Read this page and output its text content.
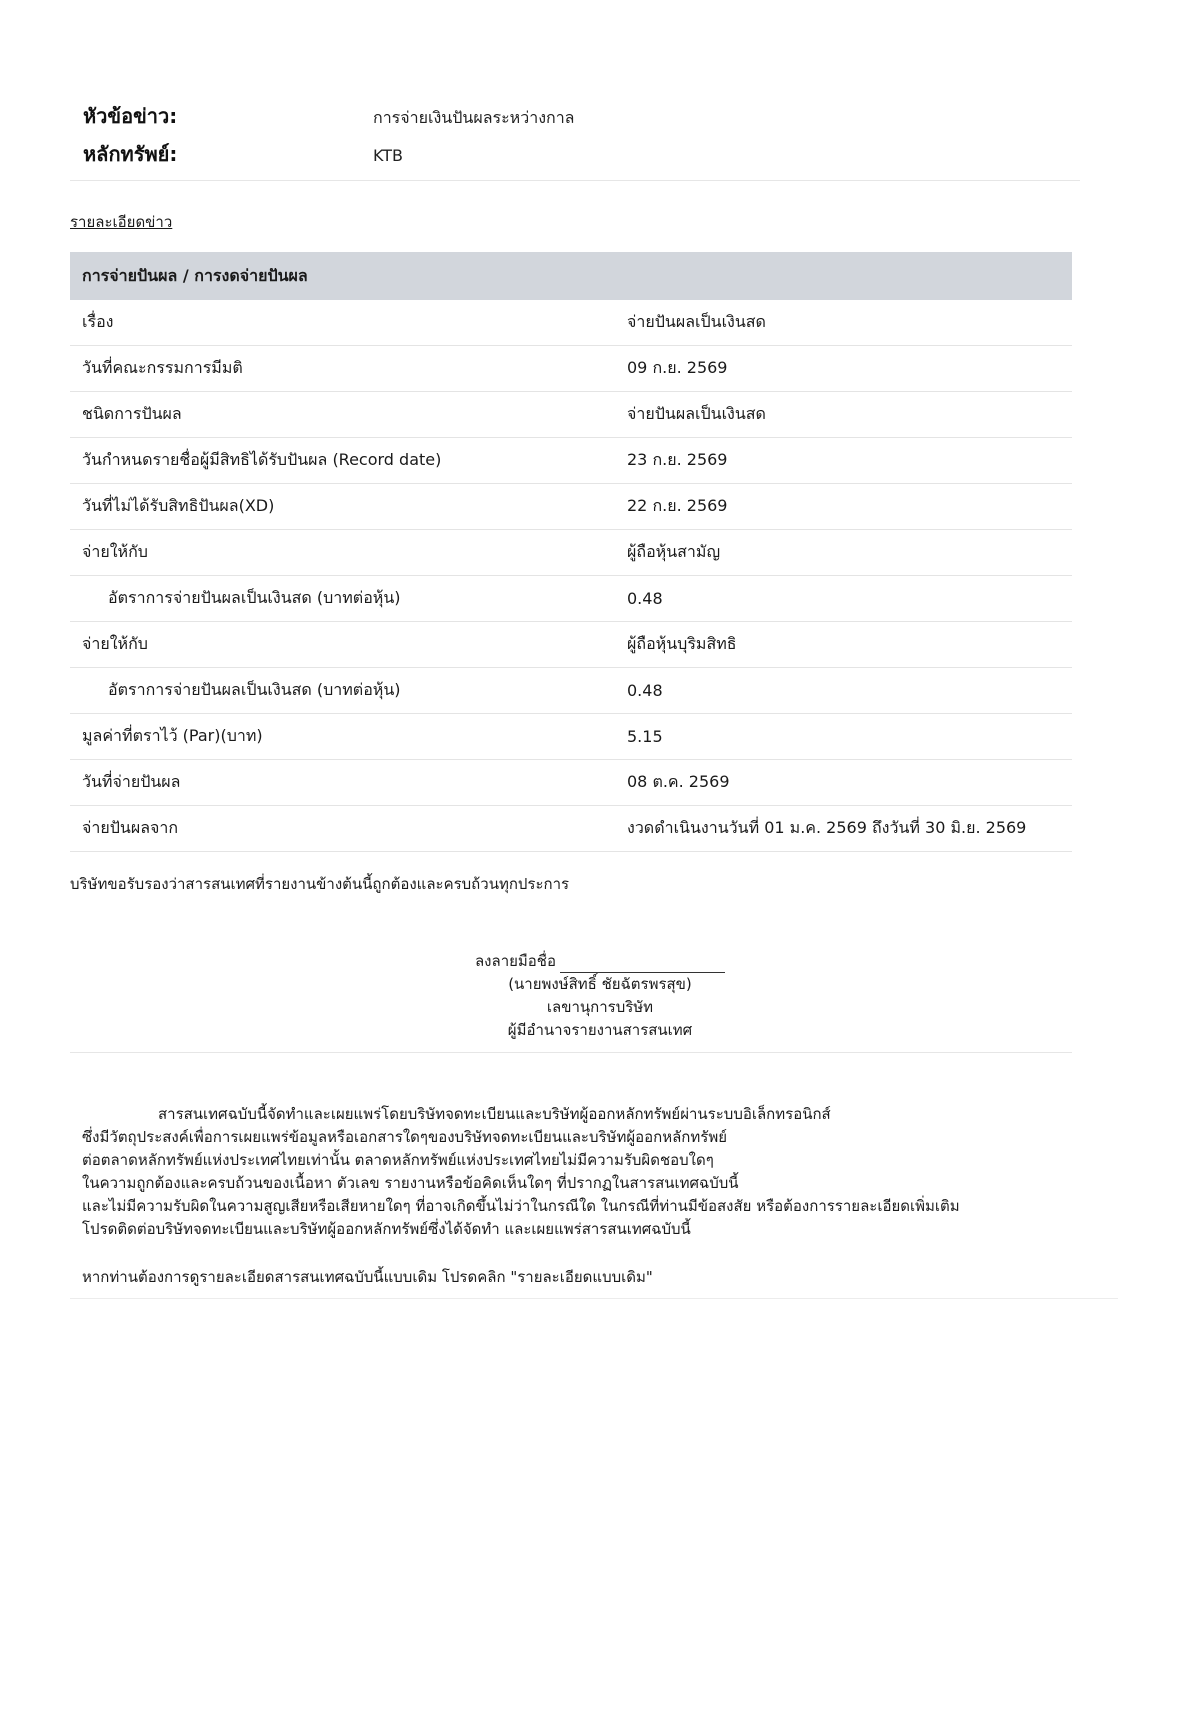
หัวข้อข่าว:	การจ่ายเงินปันผลระหว่างกาล
หลักทรัพย์:	KTB
รายละเอียดข่าว
การจ่ายปันผล / การงดจ่ายปันผล	
เรื่อง	จ่ายปันผลเป็นเงินสด
วันที่คณะกรรมการมีมติ	09 ก.ย. 2569
ชนิดการปันผล	จ่ายปันผลเป็นเงินสด
วันกำหนดรายชื่อผู้มีสิทธิได้รับปันผล (Record date)	23 ก.ย. 2569
วันที่ไม่ได้รับสิทธิปันผล(XD)	22 ก.ย. 2569
จ่ายให้กับ	ผู้ถือหุ้นสามัญ
อัตราการจ่ายปันผลเป็นเงินสด (บาทต่อหุ้น)	0.48
จ่ายให้กับ	ผู้ถือหุ้นบุริมสิทธิ
อัตราการจ่ายปันผลเป็นเงินสด (บาทต่อหุ้น)	0.48
มูลค่าที่ตราไว้ (Par)(บาท)	5.15
วันที่จ่ายปันผล	08 ต.ค. 2569
จ่ายปันผลจาก	งวดดำเนินงานวันที่ 01 ม.ค. 2569 ถึงวันที่ 30 มิ.ย. 2569
บริษัทขอรับรองว่าสารสนเทศที่รายงานข้างต้นนี้ถูกต้องและครบถ้วนทุกประการ
ลงลายมือชื่อ
(นายพงษ์สิทธิ์ ชัยฉัตรพรสุข)
เลขานุการบริษัท
ผู้มีอำนาจรายงานสารสนเทศ

สารสนเทศฉบับนี้จัดทำและเผยแพร่โดยบริษัทจดทะเบียนและบริษัทผู้ออกหลักทรัพย์ผ่านระบบอิเล็กทรอนิกส์

ซึ่งมีวัตถุประสงค์เพื่อการเผยแพร่ข้อมูลหรือเอกสารใดๆของบริษัทจดทะเบียนและบริษัทผู้ออกหลักทรัพย์

ต่อตลาดหลักทรัพย์แห่งประเทศไทยเท่านั้น ตลาดหลักทรัพย์แห่งประเทศไทยไม่มีความรับผิดชอบใดๆ

ในความถูกต้องและครบถ้วนของเนื้อหา ตัวเลข รายงานหรือข้อคิดเห็นใดๆ ที่ปรากฏในสารสนเทศฉบับนี้

และไม่มีความรับผิดในความสูญเสียหรือเสียหายใดๆ ที่อาจเกิดขึ้นไม่ว่าในกรณีใด ในกรณีที่ท่านมีข้อสงสัย หรือต้องการรายละเอียดเพิ่มเติม

โปรดติดต่อบริษัทจดทะเบียนและบริษัทผู้ออกหลักทรัพย์ซึ่งได้จัดทำ และเผยแพร่สารสนเทศฉบับนี้

หากท่านต้องการดูรายละเอียดสารสนเทศฉบับนี้แบบเดิม โปรดคลิก "รายละเอียดแบบเดิม"
